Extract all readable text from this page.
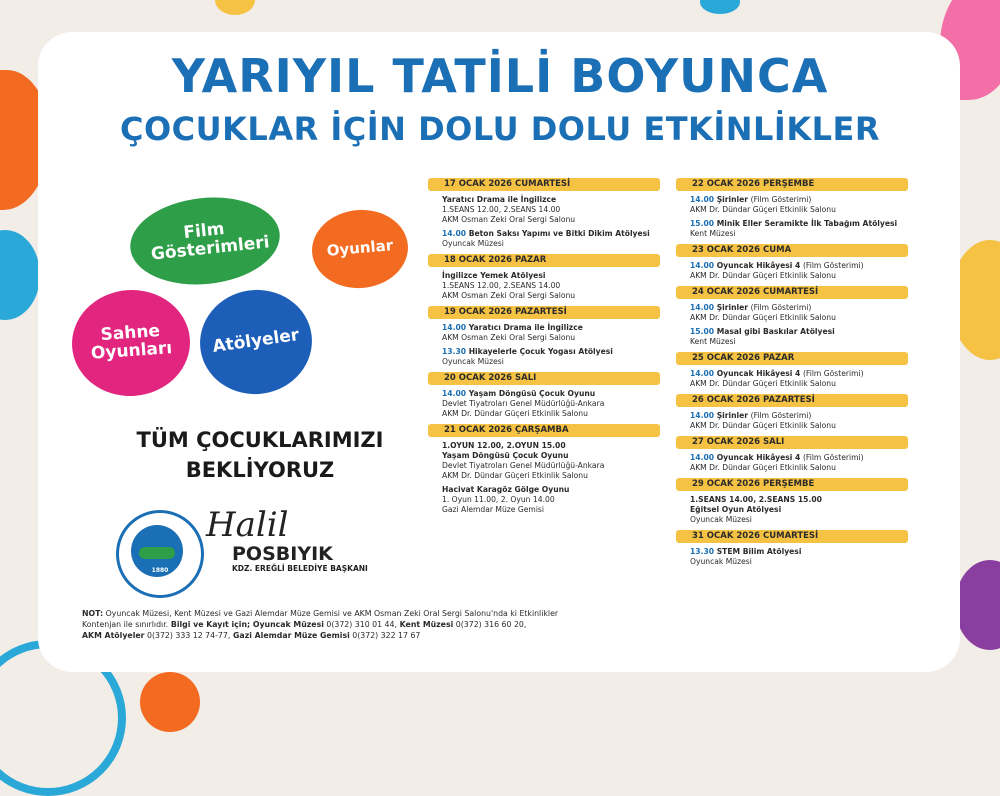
YARIYIL TATİLİ BOYUNCA
ÇOCUKLAR İÇİN DOLU DOLU ETKİNLİKLER
Film Gösterimleri	Oyunlar
Sahne Oyunları Atölyeler
TÜM ÇOCUKLARIMIZI
BEKLİYORUZ
1880
Halil
POSBIYIK
KDZ. EREĞLİ BELEDİYE BAŞKANI
NOT: Oyuncak Müzesi, Kent Müzesi ve Gazi Alemdar Müze Gemisi ve AKM Osman Zeki Oral Sergi Salonu'nda ki Etkinlikler
Kontenjan ile sınırlıdır. Bilgi ve Kayıt için; Oyuncak Müzesi 0(372) 310 01 44, Kent Müzesi 0(372) 316 60 20,
AKM Atölyeler 0(372) 333 12 74-77, Gazi Alemdar Müze Gemisi 0(372) 322 17 67
17 OCAK 2026 CUMARTESİ
Yaratıcı Drama ile İngilizce
1.SEANS 12.00, 2.SEANS 14.00
AKM Osman Zeki Oral Sergi Salonu
14.00 Beton Saksı Yapımı ve Bitki Dikim Atölyesi
Oyuncak Müzesi
18 OCAK 2026 PAZAR
İngilizce Yemek Atölyesi
1.SEANS 12.00, 2.SEANS 14.00
AKM Osman Zeki Oral Sergi Salonu
19 OCAK 2026 PAZARTESİ
14.00 Yaratıcı Drama ile İngilizce
AKM Osman Zeki Oral Sergi Salonu
13.30 Hikayelerle Çocuk Yogası Atölyesi
Oyuncak Müzesi
20 OCAK 2026 SALI
14.00 Yaşam Döngüsü Çocuk Oyunu
Devlet Tiyatroları Genel Müdürlüğü-Ankara
AKM Dr. Dündar Güçeri Etkinlik Salonu
21 OCAK 2026 ÇARŞAMBA
1.OYUN 12.00, 2.OYUN 15.00
Yaşam Döngüsü Çocuk Oyunu
Devlet Tiyatroları Genel Müdürlüğü-Ankara
AKM Dr. Dündar Güçeri Etkinlik Salonu
Hacivat Karagöz Gölge Oyunu
1. Oyun 11.00, 2. Oyun 14.00
Gazi Alemdar Müze Gemisi
22 OCAK 2026 PERŞEMBE
14.00 Şirinler (Film Gösterimi)
AKM Dr. Dündar Güçeri Etkinlik Salonu
15.00 Minik Eller Seramikte İlk Tabağım Atölyesi
Kent Müzesi
23 OCAK 2026 CUMA
14.00 Oyuncak Hikâyesi 4 (Film Gösterimi)
AKM Dr. Dündar Güçeri Etkinlik Salonu
24 OCAK 2026 CUMARTESİ
14.00 Şirinler (Film Gösterimi)
AKM Dr. Dündar Güçeri Etkinlik Salonu
15.00 Masal gibi Baskılar Atölyesi
Kent Müzesi
25 OCAK 2026 PAZAR
14.00 Oyuncak Hikâyesi 4 (Film Gösterimi)
AKM Dr. Dündar Güçeri Etkinlik Salonu
26 OCAK 2026 PAZARTESİ
14.00 Şirinler (Film Gösterimi)
AKM Dr. Dündar Güçeri Etkinlik Salonu
27 OCAK 2026 SALI
14.00 Oyuncak Hikâyesi 4 (Film Gösterimi)
AKM Dr. Dündar Güçeri Etkinlik Salonu
29 OCAK 2026 PERŞEMBE
1.SEANS 14.00, 2.SEANS 15.00
Eğitsel Oyun Atölyesi
Oyuncak Müzesi
31 OCAK 2026 CUMARTESİ
13.30 STEM Bilim Atölyesi
Oyuncak Müzesi
